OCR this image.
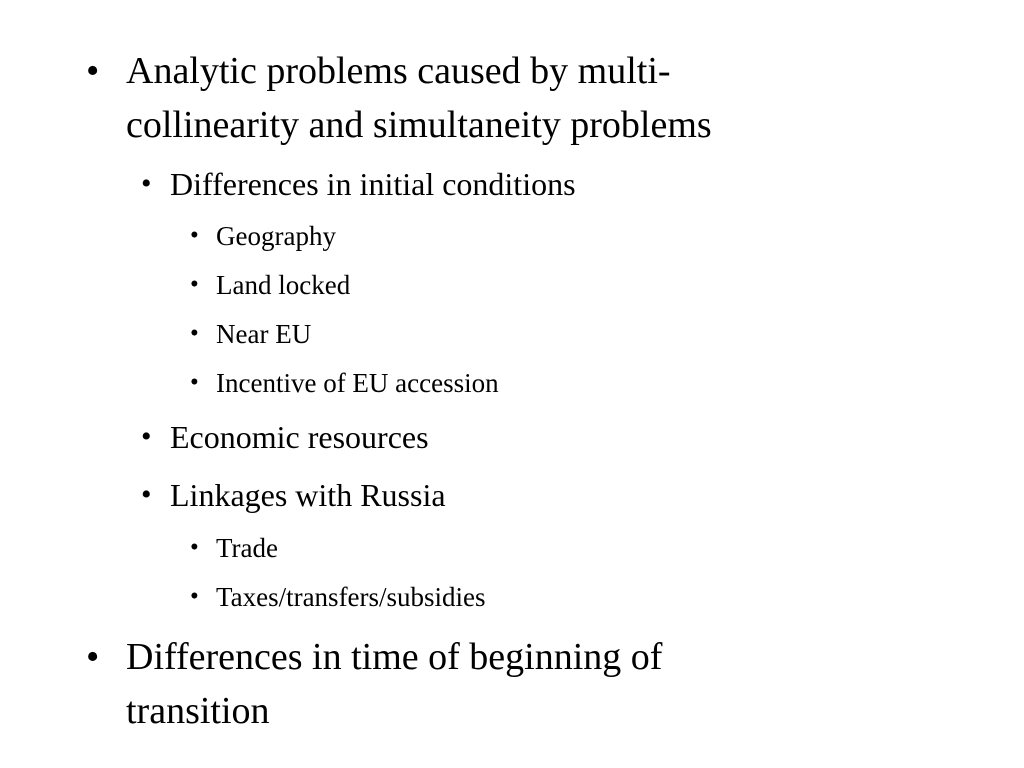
• Analytic problems caused by multi-
collinearity and simultaneity problems
• Differences in initial conditions
• Geography
• Land locked
• Near EU
• Incentive of EU accession
• Economic resources
• Linkages with Russia
• Trade
• Taxes/transfers/subsidies
• Differences in time of beginning of
transition
